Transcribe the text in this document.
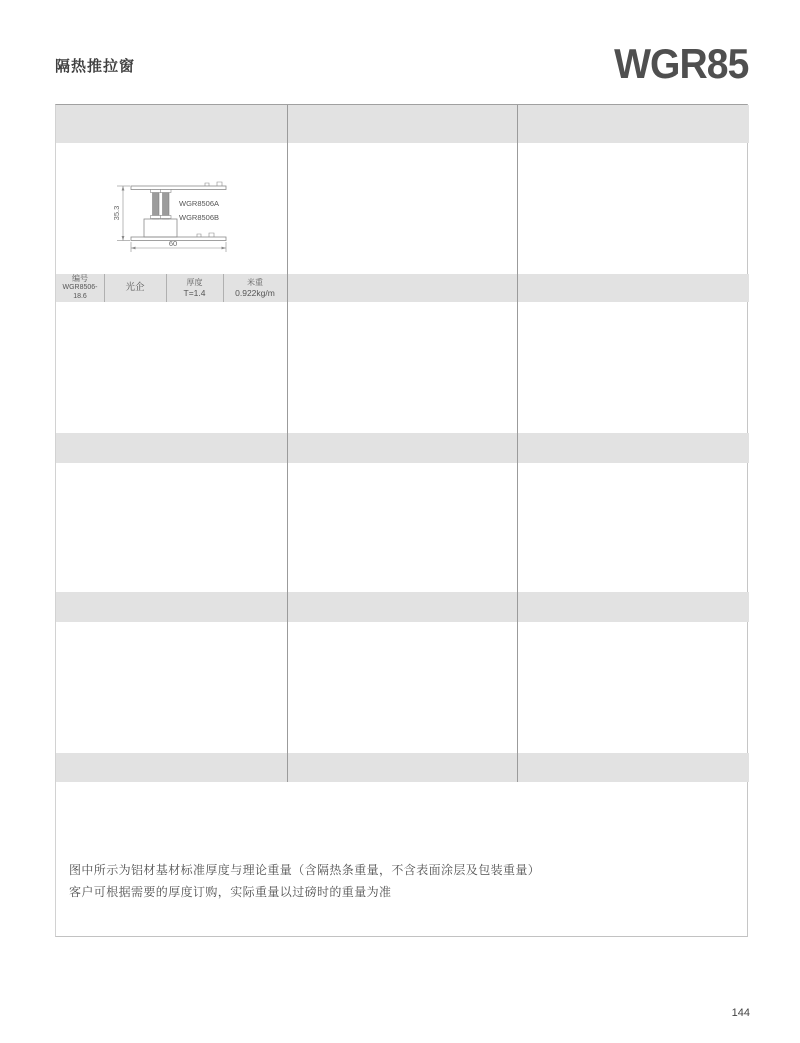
隔热推拉窗	WGR85
35.3
60
WGR8506A
WGR8506B
编号
WGR8506-18.6
光企	厚度
T=1.4
米重
0.922kg/m
图中所示为铝材基材标准厚度与理论重量（含隔热条重量，不含表面涂层及包装重量）
客户可根据需要的厚度订购，实际重量以过磅时的重量为准
144
